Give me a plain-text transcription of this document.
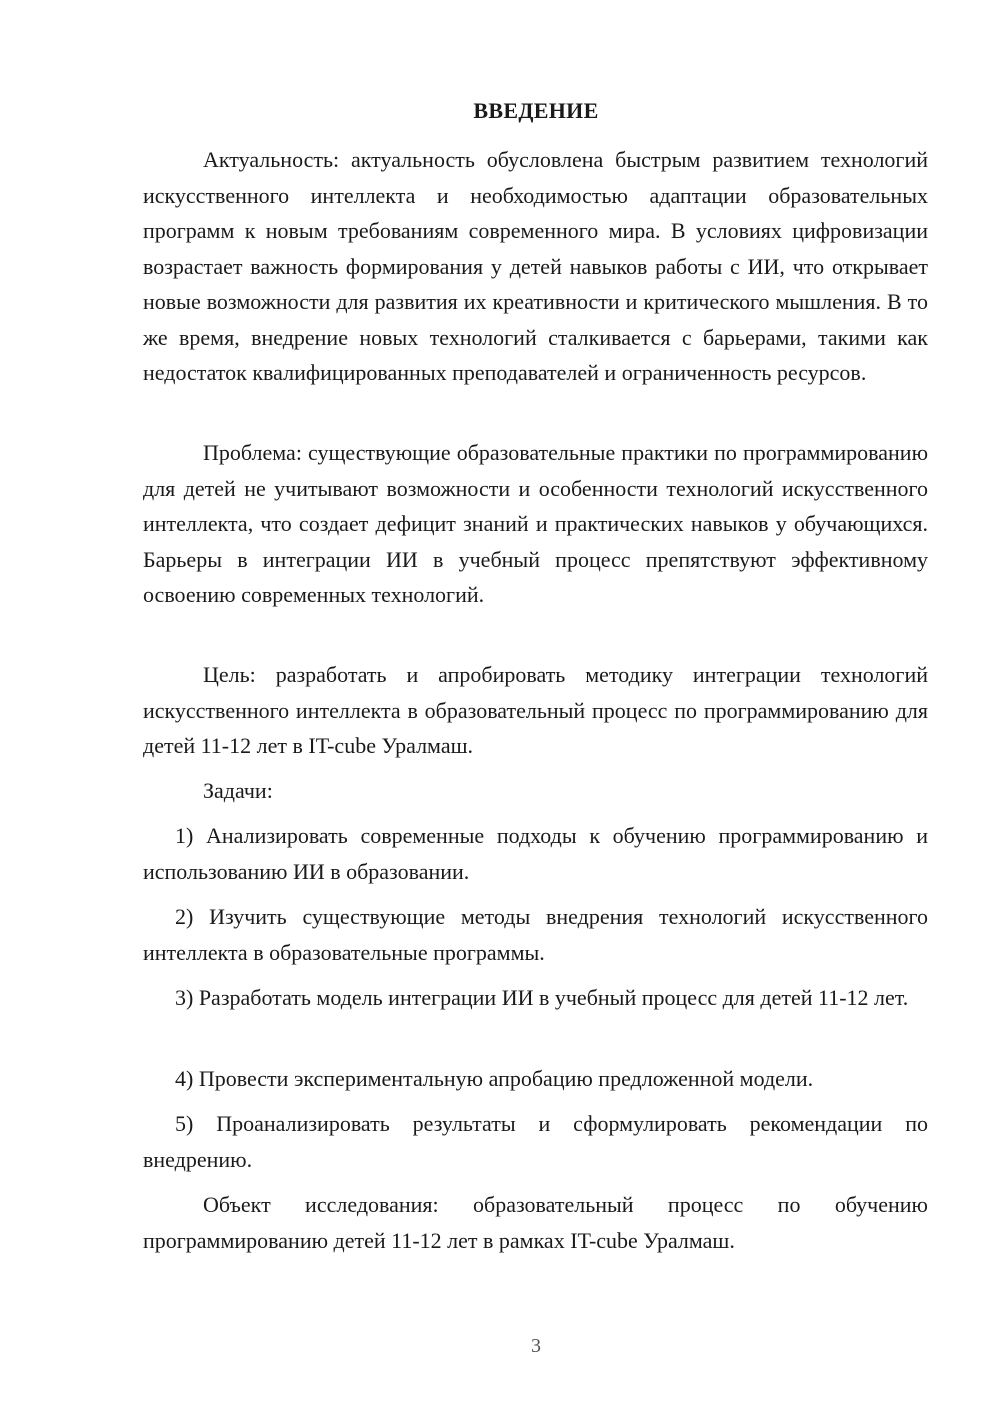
ВВЕДЕНИЕ

Актуальность: актуальность обусловлена быстрым развитием технологий искусственного интеллекта и необходимостью адаптации образовательных программ к новым требованиям современного мира. В условиях цифровизации возрастает важность формирования у детей навыков работы с ИИ, что открывает новые возможности для развития их креативности и критического мышления. В то же время, внедрение новых технологий сталкивается с барьерами, такими как недостаток квалифицированных преподавателей и ограниченность ресурсов.

Проблема: существующие образовательные практики по программированию для детей не учитывают возможности и особенности технологий искусственного интеллекта, что создает дефицит знаний и практических навыков у обучающихся. Барьеры в интеграции ИИ в учебный процесс препятствуют эффективному освоению современных технологий.

Цель: разработать и апробировать методику интеграции технологий искусственного интеллекта в образовательный процесс по программированию для детей 11-12 лет в IT-cube Уралмаш.

Задачи:

1) Анализировать современные подходы к обучению программированию и использованию ИИ в образовании.

2) Изучить существующие методы внедрения технологий искусственного интеллекта в образовательные программы.

3) Разработать модель интеграции ИИ в учебный процесс для детей 11-12 лет.

4) Провести экспериментальную апробацию предложенной модели.

5) Проанализировать результаты и сформулировать рекомендации по внедрению.

Объект исследования: образовательный процесс по обучению программированию детей 11-12 лет в рамках IT-cube Уралмаш.

3
